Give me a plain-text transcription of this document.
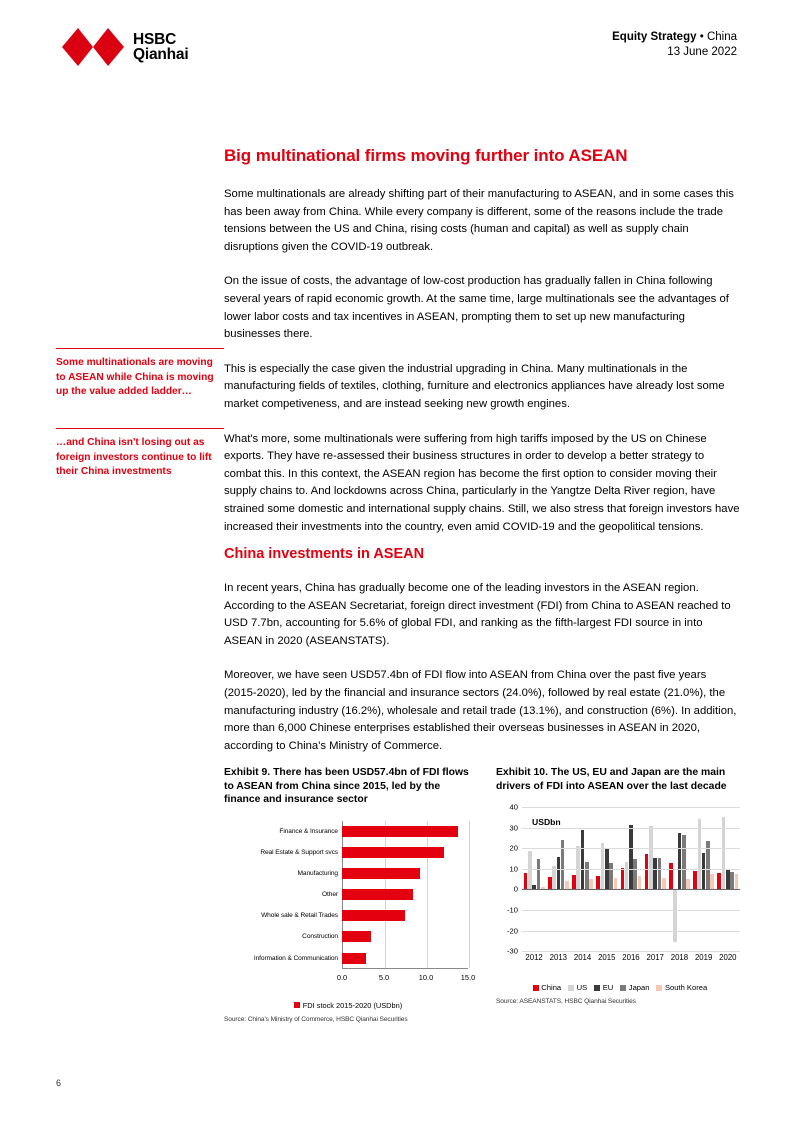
HSBC
Qianhai
Equity Strategy • China
13 June 2022
Some multinationals are moving to ASEAN while China is moving up the value added ladder…
…and China isn't losing out as foreign investors continue to lift their China investments
Big multinational firms moving further into ASEAN

Some multinationals are already shifting part of their manufacturing to ASEAN, and in some cases this has been away from China. While every company is different, some of the reasons include the trade tensions between the US and China, rising costs (human and capital) as well as supply chain disruptions given the COVID-19 outbreak.

On the issue of costs, the advantage of low-cost production has gradually fallen in China following several years of rapid economic growth. At the same time, large multinationals see the advantages of lower labor costs and tax incentives in ASEAN, prompting them to set up new manufacturing businesses there.

This is especially the case given the industrial upgrading in China. Many multinationals in the manufacturing fields of textiles, clothing, furniture and electronics appliances have already lost some market competiveness, and are instead seeking new growth engines.

What's more, some multinationals were suffering from high tariffs imposed by the US on Chinese exports. They have re-assessed their business structures in order to develop a better strategy to combat this. In this context, the ASEAN region has become the first option to consider moving their supply chains to. And lockdowns across China, particularly in the Yangtze Delta River region, have strained some domestic and international supply chains. Still, we also stress that foreign investors have increased their investments into the country, even amid COVID-19 and the geopolitical tensions.

China investments in ASEAN

In recent years, China has gradually become one of the leading investors in the ASEAN region. According to the ASEAN Secretariat, foreign direct investment (FDI) from China to ASEAN reached to USD 7.7bn, accounting for 5.6% of global FDI, and ranking as the fifth-largest FDI source in into ASEAN in 2020 (ASEANSTATS).

Moreover, we have seen USD57.4bn of FDI flow into ASEAN from China over the past five years (2015-2020), led by the financial and insurance sectors (24.0%), followed by real estate (21.0%), the manufacturing industry (16.2%), wholesale and retail trade (13.1%), and construction (6%). In addition, more than 6,000 Chinese enterprises established their overseas businesses in ASEAN in 2020, according to China's Ministry of Commerce.

Exhibit 9. There has been USD57.4bn of FDI flows to ASEAN from China since 2015, led by the finance and insurance sector
Finance & Insurance
Real Estate & Support svcs
Manufacturing
Other
Whole sale & Retail Trades
Construction
Information & Communication
0.0	5.0	10.0	15.0
FDI stock 2015-2020 (USDbn)
Source: China's Ministry of Commerce, HSBC Qianhai Securities
Exhibit 10. The US, EU and Japan are the main drivers of FDI into ASEAN over the last decade
40
30
20
10
0
-10
-20
-30
USDbn
2012 2013 2014 2015 2016 2017 2018 2019 2020
China US EU Japan South Korea
Source: ASEANSTATS, HSBC Qianhai Securities
6
